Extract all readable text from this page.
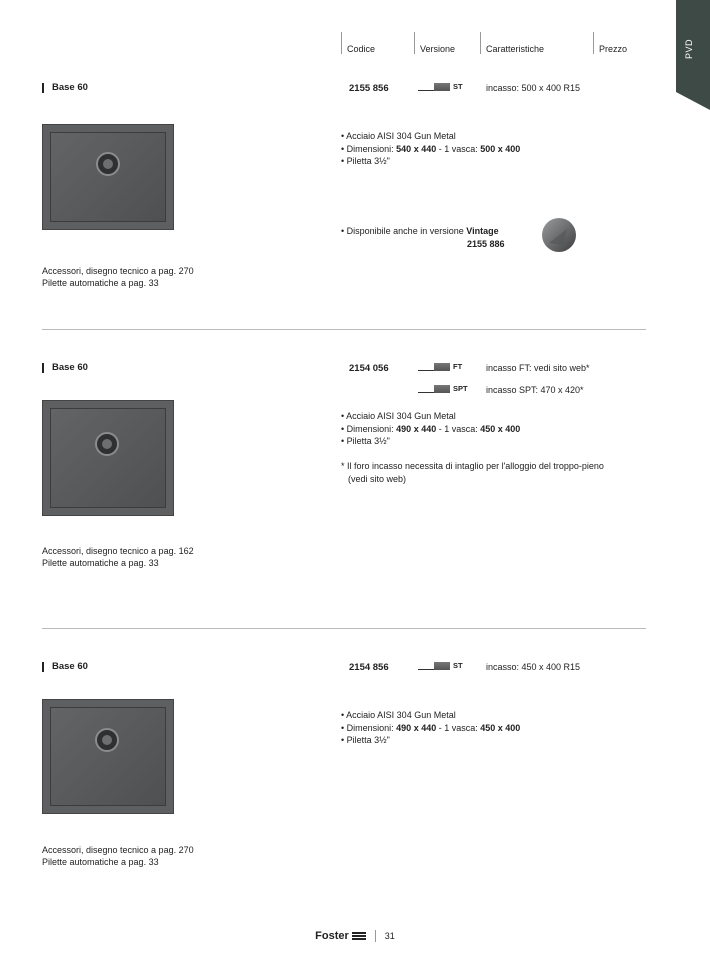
PVD
Codice	Versione	Caratteristiche	Prezzo
Base 60	2155 856	ST	incasso: 500 x 400 R15
• Acciaio AISI 304 Gun Metal
• Dimensioni: 540 x 440 - 1 vasca: 500 x 400
• Piletta 3½"
• Disponibile anche in versione Vintage
2155 886
Accessori, disegno tecnico a pag. 270
Pilette automatiche a pag. 33
Base 60	2154 056	FT	incasso FT: vedi sito web*
SPT incasso SPT: 470 x 420*
• Acciaio AISI 304 Gun Metal
• Dimensioni: 490 x 440 - 1 vasca: 450 x 400
• Piletta 3½"
* Il foro incasso necessita di intaglio per l'alloggio del troppo-pieno
(vedi sito web)
Accessori, disegno tecnico a pag. 162
Pilette automatiche a pag. 33
Base 60	2154 856	ST	incasso: 450 x 400 R15
• Acciaio AISI 304 Gun Metal
• Dimensioni: 490 x 440 - 1 vasca: 450 x 400
• Piletta 3½"
Accessori, disegno tecnico a pag. 270
Pilette automatiche a pag. 33
Foster	31
